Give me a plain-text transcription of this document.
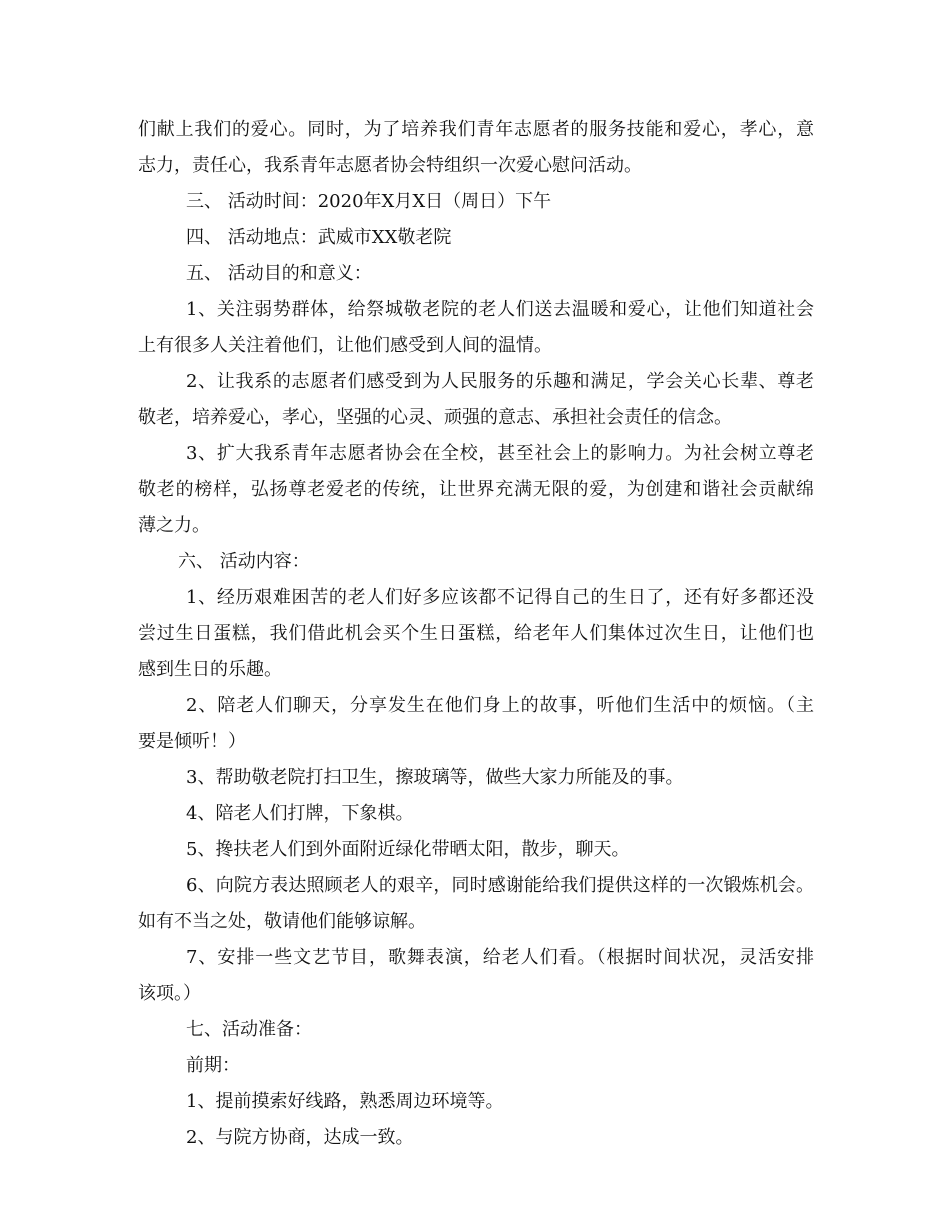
们献上我们的爱心。同时，为了培养我们青年志愿者的服务技能和爱心，孝心，意
志力，责任心，我系青年志愿者协会特组织一次爱心慰问活动。
三、 活动时间：2020年X月X日（周日）下午
四、 活动地点：武威市XX敬老院
五、 活动目的和意义：
1、关注弱势群体，给祭城敬老院的老人们送去温暖和爱心，让他们知道社会
上有很多人关注着他们，让他们感受到人间的温情。
2、让我系的志愿者们感受到为人民服务的乐趣和满足，学会关心长辈、尊老
敬老，培养爱心，孝心，坚强的心灵、顽强的意志、承担社会责任的信念。
3、扩大我系青年志愿者协会在全校，甚至社会上的影响力。为社会树立尊老
敬老的榜样，弘扬尊老爱老的传统，让世界充满无限的爱，为创建和谐社会贡献绵
薄之力。
六、 活动内容：
1、经历艰难困苦的老人们好多应该都不记得自己的生日了，还有好多都还没
尝过生日蛋糕，我们借此机会买个生日蛋糕，给老年人们集体过次生日，让他们也
感到生日的乐趣。
2、陪老人们聊天，分享发生在他们身上的故事，听他们生活中的烦恼。（主
要是倾听！）
3、帮助敬老院打扫卫生，擦玻璃等，做些大家力所能及的事。
4、陪老人们打牌，下象棋。
5、搀扶老人们到外面附近绿化带晒太阳，散步，聊天。
6、向院方表达照顾老人的艰辛，同时感谢能给我们提供这样的一次锻炼机会。
如有不当之处，敬请他们能够谅解。
7、安排一些文艺节目，歌舞表演，给老人们看。（根据时间状况，灵活安排
该项。）
七、活动准备：
前期：
1、提前摸索好线路，熟悉周边环境等。
2、与院方协商，达成一致。
